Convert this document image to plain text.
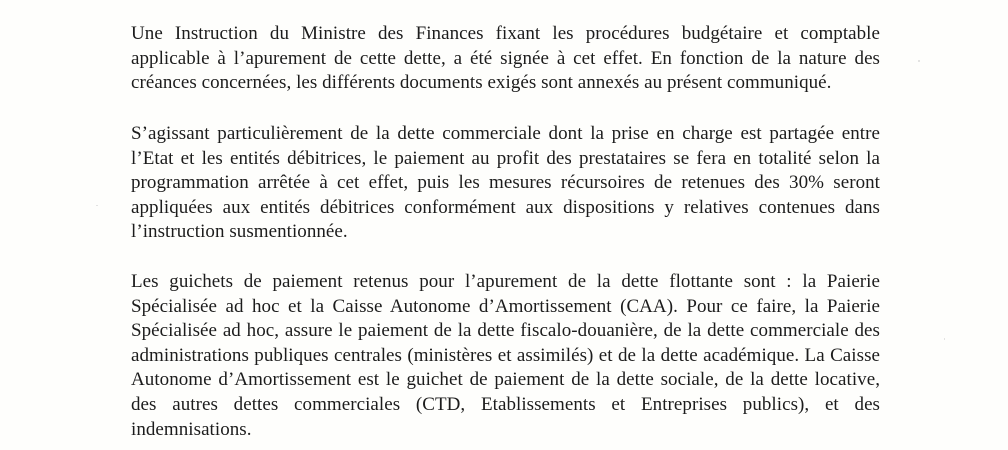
Une Instruction du Ministre des Finances fixant les procédures budgétaire et comptable applicable à l’apurement de cette dette, a été signée à cet effet. En fonction de la nature des créances concernées, les différents documents exigés sont annexés au présent communiqué.

S’agissant particulièrement de la dette commerciale dont la prise en charge est partagée entre l’Etat et les entités débitrices, le paiement au profit des prestataires se fera en totalité selon la programmation arrêtée à cet effet, puis les mesures récursoires de retenues des 30% seront appliquées aux entités débitrices conformément aux dispositions y relatives contenues dans l’instruction susmentionnée.

Les guichets de paiement retenus pour l’apurement de la dette flottante sont : la Paierie Spécialisée ad hoc et la Caisse Autonome d’Amortissement (CAA). Pour ce faire, la Paierie Spécialisée ad hoc, assure le paiement de la dette fiscalo-douanière, de la dette commerciale des administrations publiques centrales (ministères et assimilés) et de la dette académique. La Caisse Autonome d’Amortissement est le guichet de paiement de la dette sociale, de la dette locative, des autres dettes commerciales (CTD, Etablissements et Entreprises publics), et des indemnisations.
